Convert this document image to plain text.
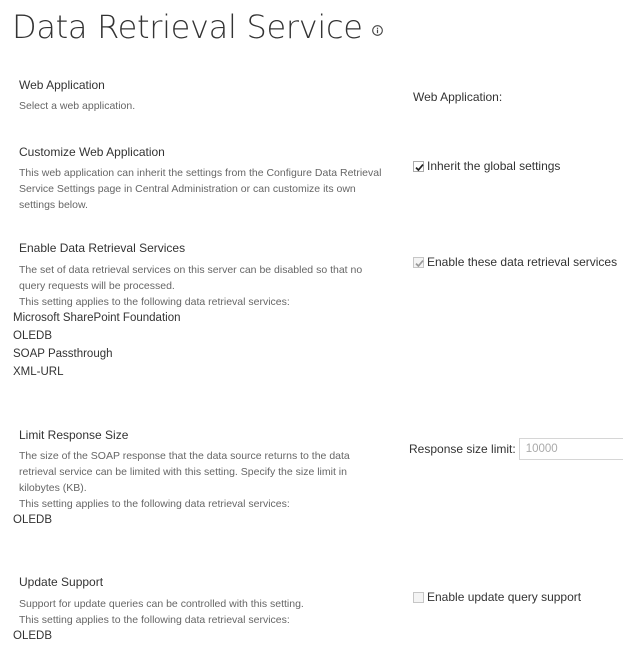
Data Retrieval Service
Web Application

Select a web application.

Web Application:
Customize Web Application

This web application can inherit the settings from the Configure Data Retrieval Service Settings page in Central Administration or can customize its own settings below.

Inherit the global settings
Enable Data Retrieval Services

The set of data retrieval services on this server can be disabled so that no query requests will be processed.

This setting applies to the following data retrieval services:

Microsoft SharePoint Foundation
OLEDB
SOAP Passthrough
XML-URL
Enable these data retrieval services
Limit Response Size

The size of the SOAP response that the data source returns to the data retrieval service can be limited with this setting. Specify the size limit in kilobytes (KB).

This setting applies to the following data retrieval services:

OLEDB
Response size limit: 10000
Update Support

Support for update queries can be controlled with this setting.

This setting applies to the following data retrieval services:

OLEDB
Enable update query support
